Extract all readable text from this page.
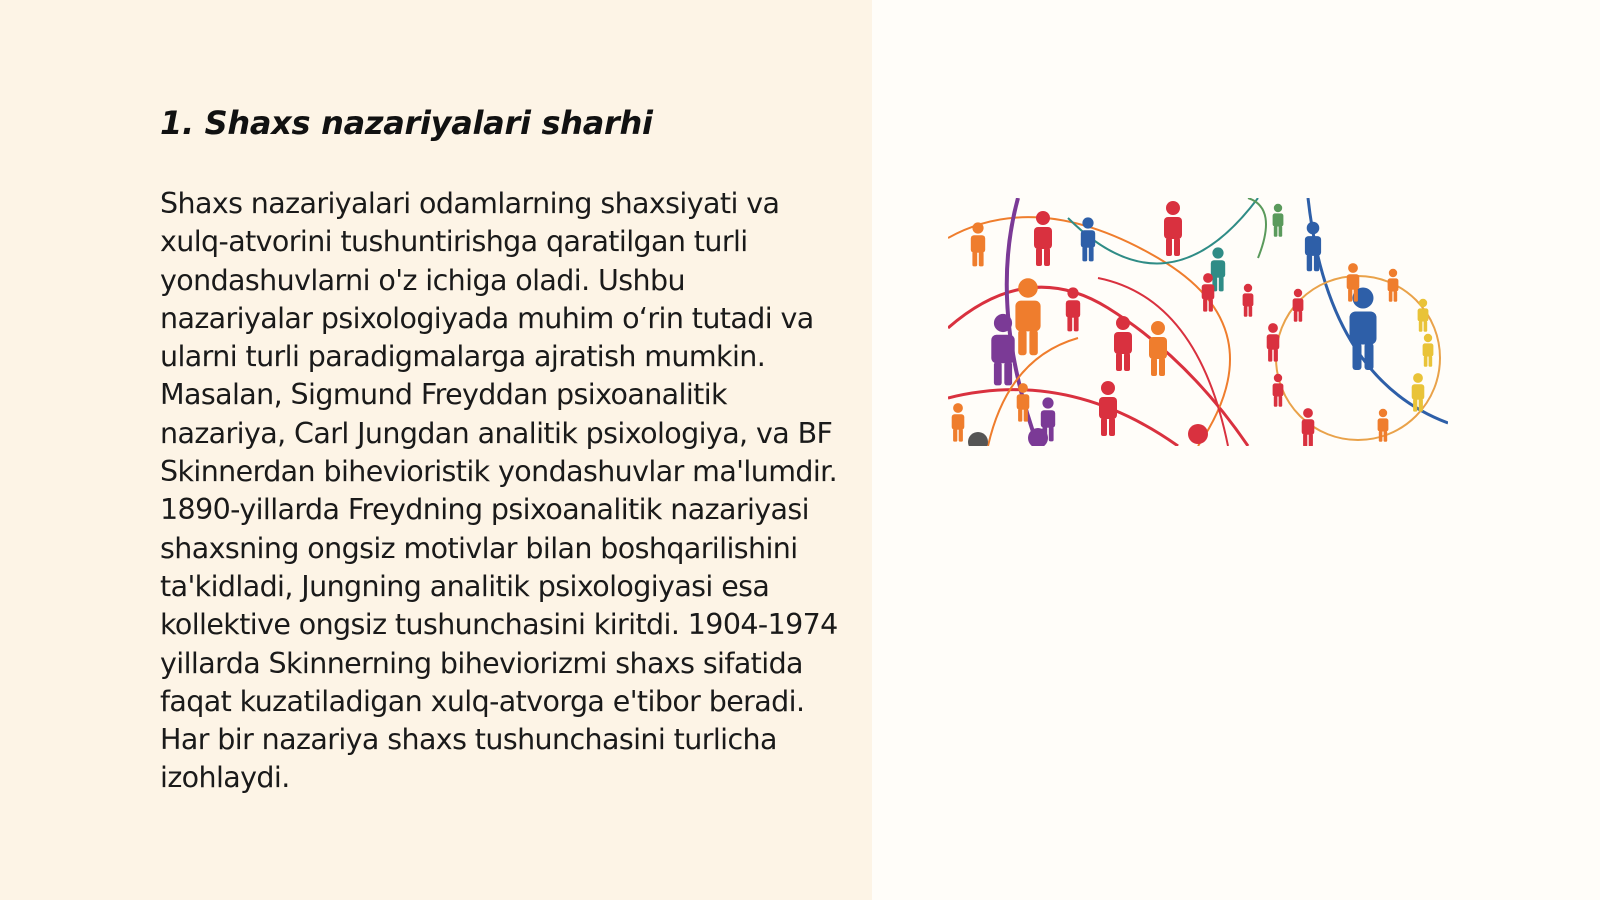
1. Shaxs nazariyalari sharhi

Shaxs nazariyalari odamlarning shaxsiyati va xulq-atvorini tushuntirishga qaratilgan turli yondashuvlarni o'z ichiga oladi. Ushbu nazariyalar psixologiyada muhim o‘rin tutadi va ularni turli paradigmalarga ajratish mumkin. Masalan, Sigmund Freyddan psixoanalitik nazariya, Carl Jungdan analitik psixologiya, va BF Skinnerdan bihevioristik yondashuvlar ma'lumdir. 1890-yillarda Freydning psixoanalitik nazariyasi shaxsning ongsiz motivlar bilan boshqarilishini ta'kidladi, Jungning analitik psixologiyasi esa kollektive ongsiz tushunchasini kiritdi. 1904-1974 yillarda Skinnerning biheviorizmi shaxs sifatida faqat kuzatiladigan xulq-atvorga e'tibor beradi. Har bir nazariya shaxs tushunchasini turlicha izohlaydi.
